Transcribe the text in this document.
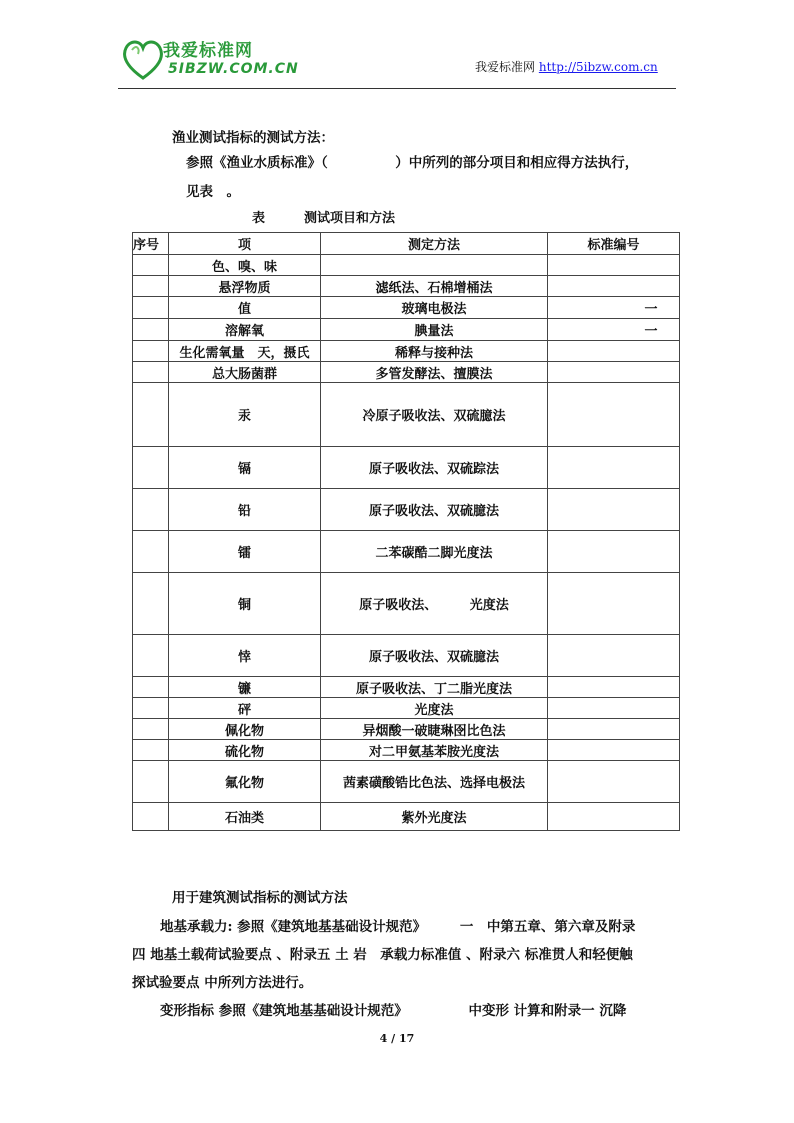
我爱标准网
5IBZW.COM.CN	我爱标准网 http://5ibzw.com.cn
渔业测试指标的测试方法：
参照《渔业水质标准》（　　　　　）中所列的部分项目和相应得方法执行，
见表　。
表　　　测试项目和方法
序号	项	测定方法	标准编号
	色、嗅、味		
	悬浮物质	滤纸法、石棉增桶法	
	值	玻璃电极法	一
	溶解氧	腆量法	一
	生化需氧量　天，摄氏	稀释与接种法	
	总大肠菌群	多管发酵法、擅膜法	
	汞	冷原子吸收法、双硫臆法	
	镉	原子吸收法、双硫踪法	
	铅	原子吸收法、双硫臆法	
	镭	二苯碳酷二脚光度法	
	铜	原子吸收法、　　　光度法	
	悻	原子吸收法、双硫臆法	
	镰	原子吸收法、丁二脂光度法	
	砰	光度法	
	佩化物	异烟酸一破睫琳囹比色法	
	硫化物	对二甲氨基苯胺光度法	
	氟化物	茜素磺酸锆比色法、选择电极法	
	石油类	紫外光度法	
用于建筑测试指标的测试方法
地基承载力: 参照《建筑地基基础设计规范》　　　一　中第五章、第六章及附录
四 地基土载荷试验要点 、附录五 土 岩　承载力标准值 、附录六 标准贯人和轻便触
探试验要点 中所列方法进行。
变形指标 参照《建筑地基基础设计规范》　　　　　中变形 计算和附录一 沉降
4 / 17
